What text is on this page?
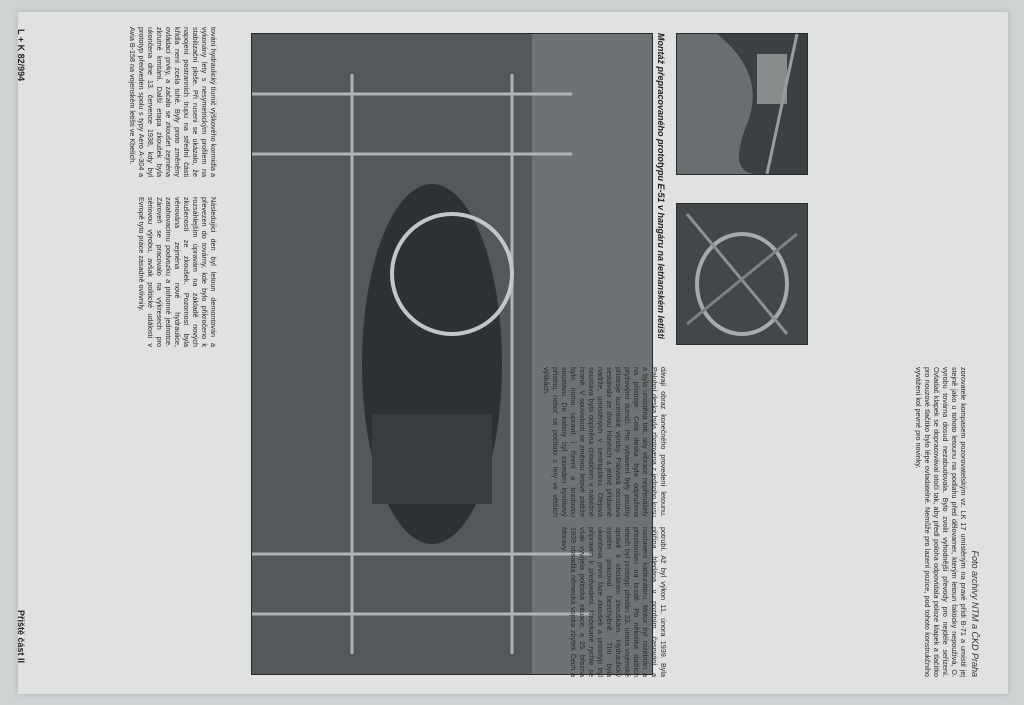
Foto archivy NTM a ČKD Praha
Montáž přepracovaného prototypu E-51 v hangáru na letňanském letišti
zorovatele kompasem pozorovatelským vz. LK 17 umístěným na pravé přídi B-71 a umístil jej stejně jako u tohoto letounu na podlahu před dělovamer, kterým letoun fakticky nepoužívá, O. vyrobu továrna dosud nezabudovala. Bylo zvolit vyhodnější převody pro nejdéle seřízení. Ovladač klapek se dopracovával otočí tak, aby předl poloha odpovídala poloze klapek a tlačítko pro nouzové tlačítko bylo lépe ovladatelné. Nemůže pro lazení pozice, pod tohoto konstrukčního vyvážení kol pevné pro novinky.
dávají obraz konečného provedení letounu. Palubní deska byla zhotovena z jednoho kusu a byla umístěna tak, aby vibrace nepřenášely na přístroje. Celá deska byla odpružena pryžovými tlumiči. Pro vybavení byly použity přístroje tuzemské výroby. Palivová soustava sestávala ze dvou hlavních a jedné přídavné nádrže, umístěných v centroplánu. Olejová soustava byla doplněna chladičem v náběžné hraně. V souvislosti se změnou letové zátěže bylo nutno upravit i řízení a brzdovou soustavu. Do kabiny byl zaveden kyslíkový přístroj, neboť se počítalo s lety ve větších výškách.
potrubí. Až byl výkon 11. února 1939. Byla příčina hledána v pozdním časování a nastavení karburátoru. Motor byl rozebrán a přezkoušen na brzdě. Po několika dalších letech byl prototyp předán 23. února vojenské správě k oficiálním zkouškám. Hydraulický systém pracoval bezchybně. Tím byla ukončena první fáze zkoušek a prototyp byl připraven k předvedení. Nečekaně rychle se však vyvíjela politická situace, a 15. března 1939 obsadila německá vojska zbytek Čech a Moravy.
tování hydraulický tlumič výškového kormidla a vykonány lety s nesymetrickým profilem na stabilizační ploše. Při ruseni se ukázalo, že napojení postranních trupu na střední části křídla není zcela tuhé. Byly proto změněny ovládací prvky, a začalo se zkoušet zejména zkrutné kmitání. Další etapa zkoušek byla ukončena dne 13. července 1938, kdy byl prototyp předveden spolu s typy Aero A-304 a Avia B-158 na vojenském letišti ve Kbelích.
Následující den byl letoun demontován a převezen do továrny, kde bylo přikročeno k rozsáhlejším úpravám na základě nových zkušeností ze zkoušek. Pozornost byla věnována zejména nové hydraulice, zatahovacímu podvozku a pohonné jednotce. Zároveň se pracovalo na výkresech pro sériovou výrobu, avšak politické události v Evropě tyto práce zásadně ovlivnily.
L + K 82/994
Přiště část II
